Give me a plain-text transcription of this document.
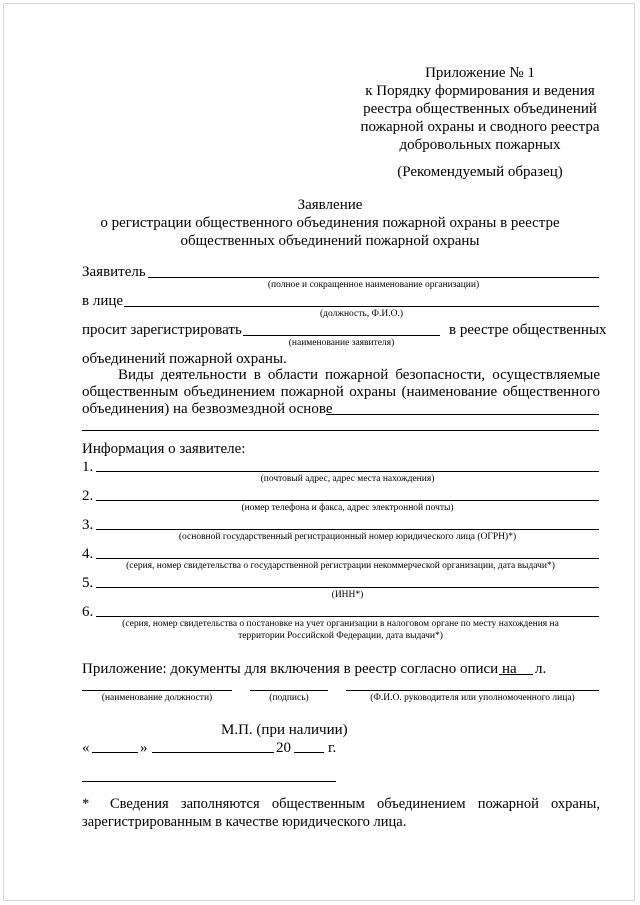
Приложение № 1
к Порядку формирования и ведения
реестра общественных объединений
пожарной охраны и сводного реестра
добровольных пожарных
(Рекомендуемый образец)
Заявление
о регистрации общественного объединения пожарной охраны в реестре
общественных объединений пожарной охраны
Заявитель
(полное и сокращенное наименование организации)
в лице
(должность, Ф.И.О.)
просит зарегистрировать	в реестре общественных
(наименование заявителя)
объединений пожарной охраны.
Виды деятельности в области пожарной безопасности, осуществляемые
общественным объединением пожарной охраны (наименование общественного
объединения) на безвозмездной основе
Информация о заявителе:
1.
(почтовый адрес, адрес места нахождения)
2.
(номер телефона и факса, адрес электронной почты)
3.
(основной государственный регистрационный номер юридического лица (ОГРН)*)
4.
(серия, номер свидетельства о государственной регистрации некоммерческой организации, дата выдачи*)
5.
(ИНН*)
6.
(серия, номер свидетельства о постановке на учет организации в налоговом органе по месту нахождения на
территории Российской Федерации, дата выдачи*)
Приложение: документы для включения в реестр согласно описи на л.
(наименование должности)	(подпись)	(Ф.И.О. руководителя или уполномоченного лица)
М.П. (при наличии)
«	»	20 г.
* Сведения заполняются общественным объединением пожарной охраны,
зарегистрированным в качестве юридического лица.
